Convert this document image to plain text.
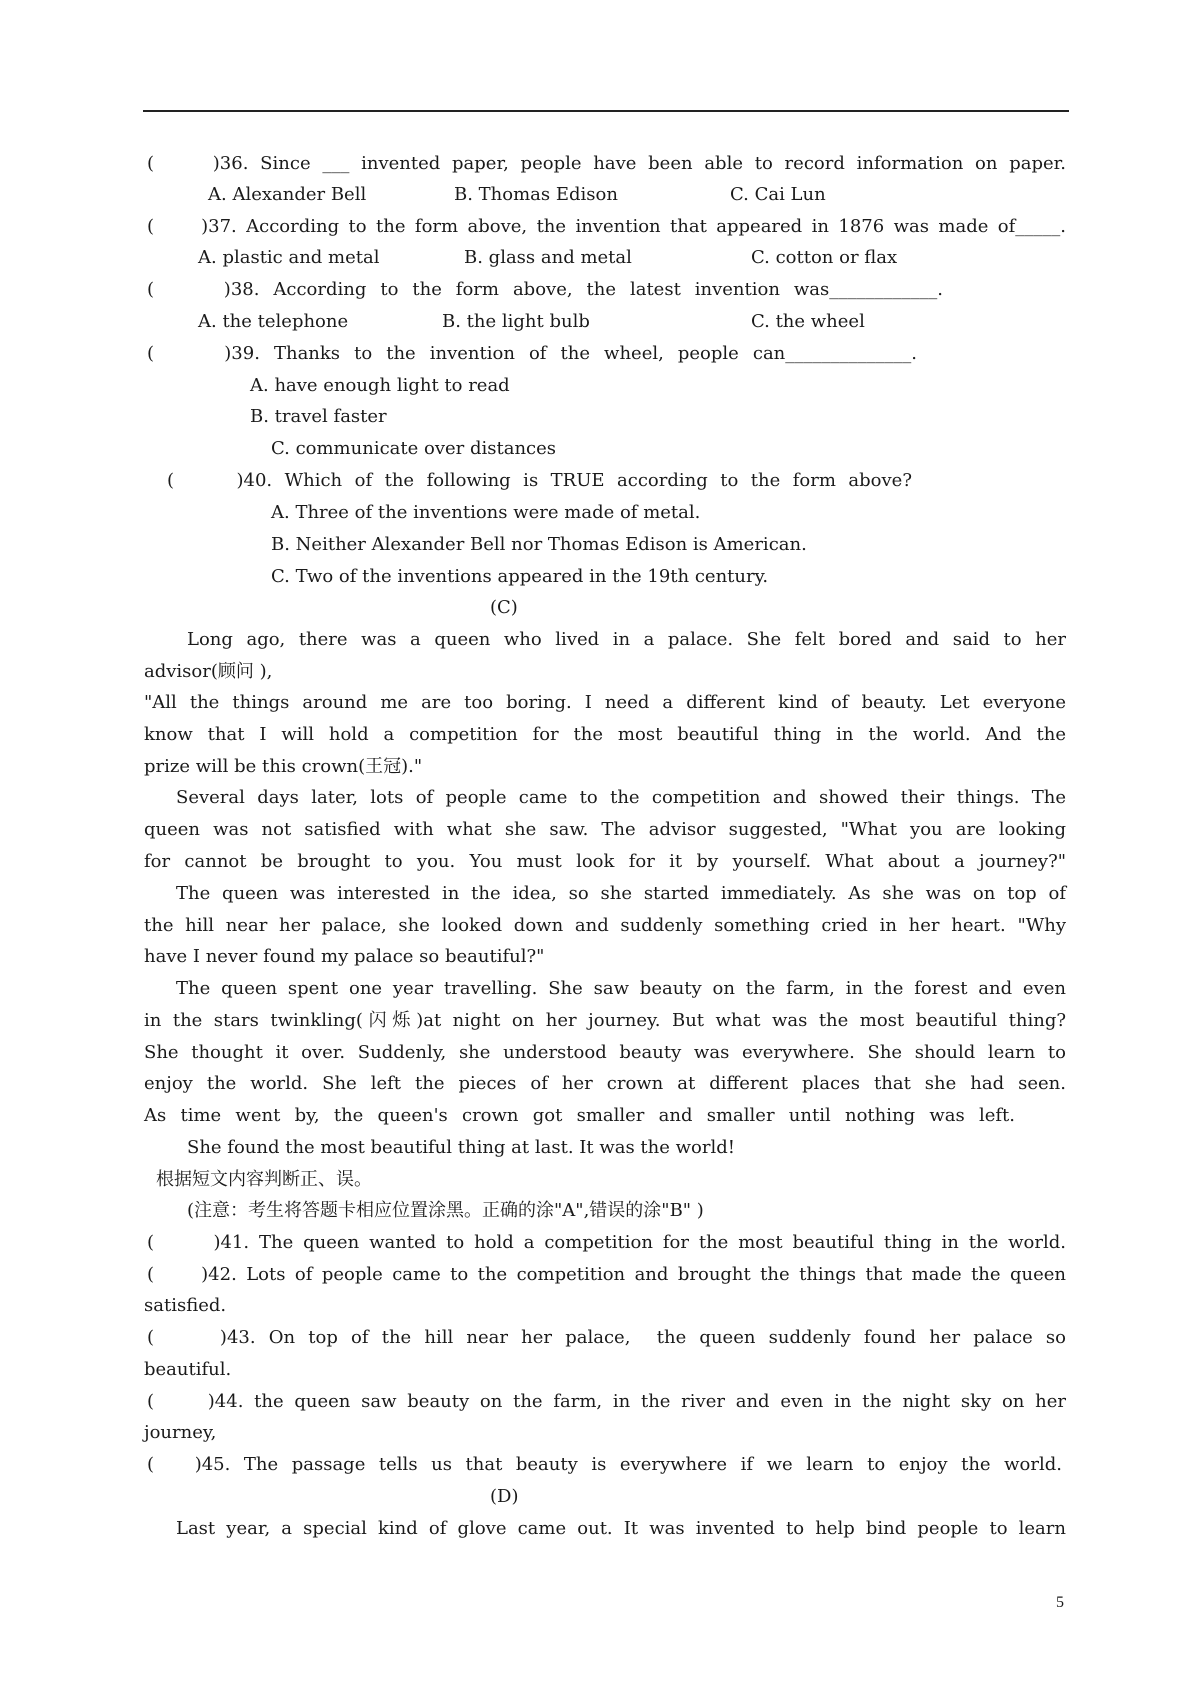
(     )36. Since ___ invented paper, people have been able to record information on paper.
A. Alexander Bell	B. Thomas Edison	C. Cai Lun
(     )37. According to the form above, the invention that appeared in 1876 was made of_____.
A. plastic and metal	B. glass and metal	C. cotton or flax
(     )38. According to the form above, the latest invention was____________.
A. the telephone	B. the light bulb	C. the wheel
(     )39. Thanks to the invention of the wheel, people can______________.
A. have enough light to read
B. travel faster
C. communicate over distances
(     )40. Which of the following is TRUE according to the form above?
A. Three of the inventions were made of metal.
B. Neither Alexander Bell nor Thomas Edison is American.
C. Two of the inventions appeared in the 19th century.
(C)
Long ago, there was a queen who lived in a palace. She felt bored and said to her
advisor(顾问 ),
"All the things around me are too boring. I need a different kind of beauty. Let everyone
know that I will hold a competition for the most beautiful thing in the world. And the
prize will be this crown(王冠)."
Several days later, lots of people came to the competition and showed their things. The
queen was not satisfied with what she saw. The advisor suggested, "What you are looking
for cannot be brought to you. You must look for it by yourself. What about a journey?"
The queen was interested in the idea, so she started immediately. As she was on top of
the hill near her palace, she looked down and suddenly something cried in her heart. "Why
have I never found my palace so beautiful?"
The queen spent one year travelling. She saw beauty on the farm, in the forest and even
in the stars twinkling(闪烁)at night on her journey. But what was the most beautiful thing?
She thought it over. Suddenly, she understood beauty was everywhere. She should learn to
enjoy the world. She left the pieces of her crown at different places that she had seen.
As time went by, the queen's crown got smaller and smaller until nothing was left.
She found the most beautiful thing at last. It was the world!
根据短文内容判断正、误。
(注意：考生将答题卡相应位置涂黑。正确的涂"A",错误的涂"B" )
(      )41. The queen wanted to hold a competition for the most beautiful thing in the world.
(     )42. Lots of people came to the competition and brought the things that made the queen
satisfied.
(     )43. On top of the hill near her palace,  the queen suddenly found her palace so
beautiful.
(     )44. the queen saw beauty on the farm, in the river and even in the night sky on her
journey,
(   )45. The passage tells us that beauty is everywhere if we learn to enjoy the world.
(D)
Last year, a special kind of glove came out. It was invented to help bind people to learn
5
